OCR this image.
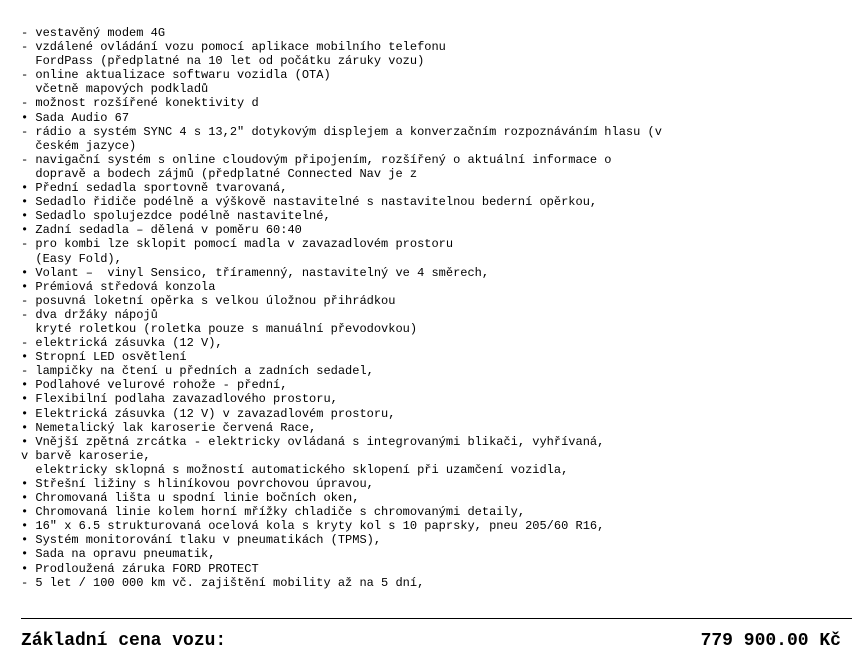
- vestavěný modem 4G
- vzdálené ovládání vozu pomocí aplikace mobilního telefonu
FordPass (předplatné na 10 let od počátku záruky vozu)
- online aktualizace softwaru vozidla (OTA)
včetně mapových podkladů
- možnost rozšířené konektivity d
• Sada Audio 67
- rádio a systém SYNC 4 s 13,2" dotykovým displejem a konverzačním rozpoznáváním hlasu (v
českém jazyce)
- navigační systém s online cloudovým připojením, rozšířený o aktuální informace o
dopravě a bodech zájmů (předplatné Connected Nav je z
• Přední sedadla sportovně tvarovaná,
• Sedadlo řidiče podélně a výškově nastavitelné s nastavitelnou bederní opěrkou,
• Sedadlo spolujezdce podélně nastavitelné,
• Zadní sedadla – dělená v poměru 60:40
- pro kombi lze sklopit pomocí madla v zavazadlovém prostoru
(Easy Fold),
• Volant –  vinyl Sensico, tříramenný, nastavitelný ve 4 směrech,
• Prémiová středová konzola
- posuvná loketní opěrka s velkou úložnou přihrádkou
- dva držáky nápojů
kryté roletkou (roletka pouze s manuální převodovkou)
- elektrická zásuvka (12 V),
• Stropní LED osvětlení
- lampičky na čtení u předních a zadních sedadel,
• Podlahové velurové rohože - přední,
• Flexibilní podlaha zavazadlového prostoru,
• Elektrická zásuvka (12 V) v zavazadlovém prostoru,
• Nemetalický lak karoserie červená Race,
• Vnější zpětná zrcátka - elektricky ovládaná s integrovanými blikači, vyhřívaná,
v barvě karoserie,
elektricky sklopná s možností automatického sklopení při uzamčení vozidla,
• Střešní ližiny s hliníkovou povrchovou úpravou,
• Chromovaná lišta u spodní linie bočních oken,
• Chromovaná linie kolem horní mřížky chladiče s chromovanými detaily,
• 16" x 6.5 strukturovaná ocelová kola s kryty kol s 10 paprsky, pneu 205/60 R16,
• Systém monitorování tlaku v pneumatikách (TPMS),
• Sada na opravu pneumatik,
• Prodloužená záruka FORD PROTECT
- 5 let / 100 000 km vč. zajištění mobility až na 5 dní,
Základní cena vozu:	779 900.00 Kč
